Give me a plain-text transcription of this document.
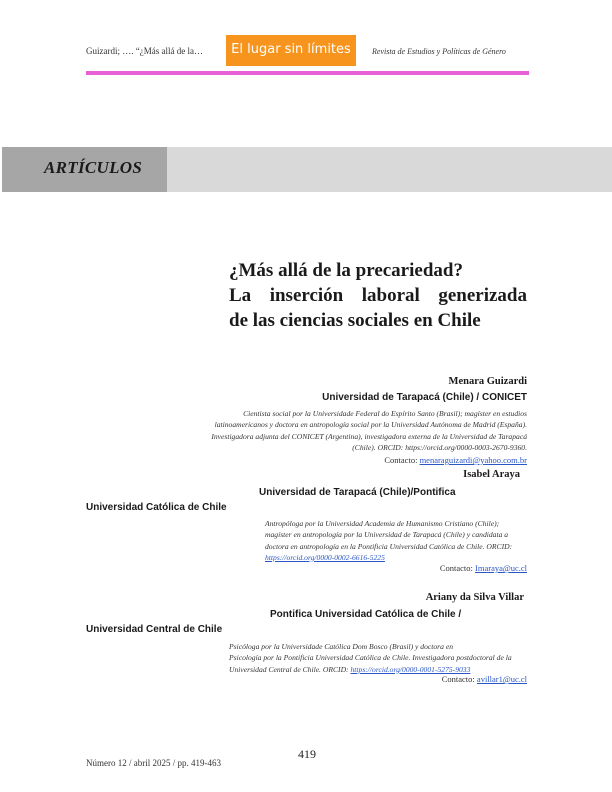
Guizardi; …. “¿Más allá de la…	El lugar sin límites	Revista de Estudios y Políticas de Género
ARTÍCULOS
¿Más allá de la precariedad?
La inserción laboral generizada
de las ciencias sociales en Chile
Menara Guizardi
Universidad de Tarapacá (Chile) / CONICET
Cientista social por la Universidade Federal do Espírito Santo (Brasil); magíster en estudios
latinoamericanos y doctora en antropología social por la Universidad Autónoma de Madrid (España).
Investigadora adjunta del CONICET (Argentina), investigadora externa de la Universidad de Tarapacá
(Chile). ORCID: https://orcid.org/0000-0003-2670-9360.
Contacto: menaraguizardi@yahoo.com.br
Isabel Araya
Universidad de Tarapacá (Chile)/Pontifica
Universidad Católica de Chile
Antropóloga por la Universidad Academia de Humanismo Cristiano (Chile);
magíster en antropología por la Universidad de Tarapacá (Chile) y candidata a
doctora en antropología en la Pontificia Universidad Católica de Chile. ORCID:
https://orcid.org/0000-0002-6616-5225
Contacto: Imaraya@uc.cl
Ariany da Silva Villar
Pontifica Universidad Católica de Chile /
Universidad Central de Chile
Psicóloga por la Universidade Católica Dom Bosco (Brasil) y doctora en
Psicología por la Pontificia Universidad Católica de Chile. Investigadora postdoctoral de la
Universidad Central de Chile. ORCID: https://orcid.org/0000-0001-5275-9033
Contacto: avillar1@uc.cl
419
Número 12 / abril 2025 / pp. 419-463
